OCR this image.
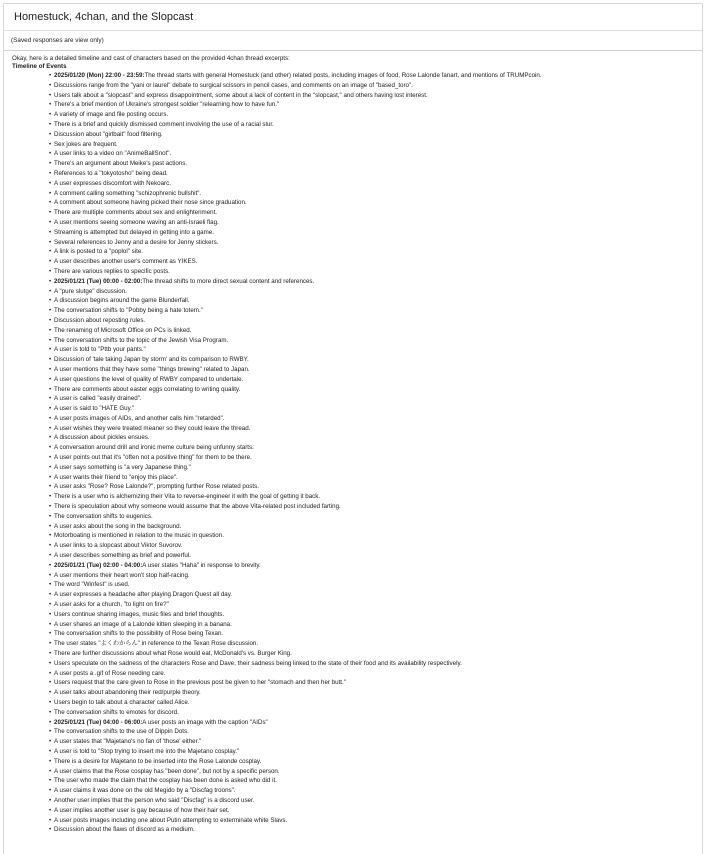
Homestuck, 4chan, and the Slopcast
(Saved responses are view only)
Okay, here is a detailed timeline and cast of characters based on the provided 4chan thread excerpts:
Timeline of Events
• 2025/01/20 (Mon) 22:00 - 23:59:The thread starts with general Homestuck (and other) related posts, including images of food, Rose Lalonde fanart, and mentions of TRUMPcoin.
• Discussions range from the "yani or laurel" debate to surgical scissors in pencil cases, and comments on an image of "based_toro".
• Users talk about a "slopcast" and express disappointment, some about a lack of content in the "slopcast," and others having lost interest.
• There's a brief mention of Ukraine's strongest soldier "relearning how to have fun."
• A variety of image and file posting occurs.
• There is a brief and quickly dismissed comment involving the use of a racial slur.
• Discussion about "girlbait" food filtering.
• Sex jokes are frequent.
• A user links to a video on "AnimeBallSnot".
• There's an argument about Meike's past actions.
• References to a "tokyotosho" being dead.
• A user expresses discomfort with Nekoarc.
• A comment calling something "schizophrenic bullshit".
• A comment about someone having picked their nose since graduation.
• There are multiple comments about sex and enlightenment.
• A user mentions seeing someone waving an anti-Israeli flag.
• Streaming is attempted but delayed in getting into a game.
• Several references to Jenny and a desire for Jenny stickers.
• A link is posted to a "poplol" site.
• A user describes another user's comment as YIKES.
• There are various replies to specific posts.
• 2025/01/21 (Tue) 00:00 - 02:00:The thread shifts to more direct sexual content and references.
• A "pure slutge" discussion.
• A discussion begins around the game Blunderfall.
• The conversation shifts to "Pobby being a hate totem."
• Discussion about reposting rules.
• The renaming of Microsoft Office on PCs is linked.
• The conversation shifts to the topic of the Jewish Visa Program.
• A user is told to "Pttb your pants."
• Discussion of 'tale taking Japan by storm' and its comparison to RWBY.
• A user mentions that they have some "things brewing" related to Japan.
• A user questions the level of quality of RWBY compared to undertale.
• There are comments about easter eggs correlating to writing quality.
• A user is called "easily drained".
• A user is said to "HATE Guy."
• A user posts images of AIDs, and another calls him "retarded".
• A user wishes they were treated meaner so they could leave the thread.
• A discussion about pickles ensues.
• A conversation around drill and ironic meme culture being unfunny starts.
• A user points out that it's "often not a positive thing" for them to be there.
• A user says something is "a very Japanese thing."
• A user wants their friend to "enjoy this place".
• A user asks "Rose? Rose Lalonde?", prompting further Rose related posts.
• There is a user who is alchemizing their Vita to reverse-engineer it with the goal of getting it back.
• There is speculation about why someone would assume that the above Vita-related post included farting.
• The conversation shifts to eugenics.
• A user asks about the song in the background.
• Motorboating is mentioned in relation to the music in question.
• A user links to a slopcast about Viktor Suvorov.
• A user describes something as brief and powerful.
• 2025/01/21 (Tue) 02:00 - 04:00:A user states "Haha" in response to brevity.
• A user mentions their heart won't stop half-racing.
• The word "Winfest" is used.
• A user expresses a headache after playing Dragon Quest all day.
• A user asks for a church, "to light on fire?"
• Users continue sharing images, music files and brief thoughts.
• A user shares an image of a Lalonde kitten sleeping in a banana.
• The conversation shifts to the possibility of Rose being Texan.
• The user states "よくわからん" in reference to the Texan Rose discussion.
• There are further discussions about what Rose would eat, McDonald's vs. Burger King.
• Users speculate on the sadness of the characters Rose and Dave, their sadness being linked to the state of their food and its availability respectively.
• A user posts a .gif of Rose needing care.
• Users request that the care given to Rose in the previous post be given to her "stomach and then her butt."
• A user talks about abandoning their red/purple theory.
• Users begin to talk about a character called Alice.
• The conversation shifts to emotes for discord.
• 2025/01/21 (Tue) 04:00 - 06:00:A user posts an image with the caption "AIDs"
• The conversation shifts to the use of Dippin Dots.
• A user states that "Majetano's no fan of 'those' either."
• A user is told to "Stop trying to insert me into the Majetano cosplay."
• There is a desire for Majetano to be inserted into the Rose Lalonde cosplay.
• A user claims that the Rose cosplay has "been done", but not by a specific person.
• The user who made the claim that the cosplay has been done is asked who did it.
• A user claims it was done on the old Megido by a "Discfag troons".
• Another user implies that the person who said "Discfag" is a discord user.
• A user implies another user is gay because of how their hair set.
• A user posts images including one about Putin attempting to exterminate white Slavs.
• Discussion about the flaws of discord as a medium.
